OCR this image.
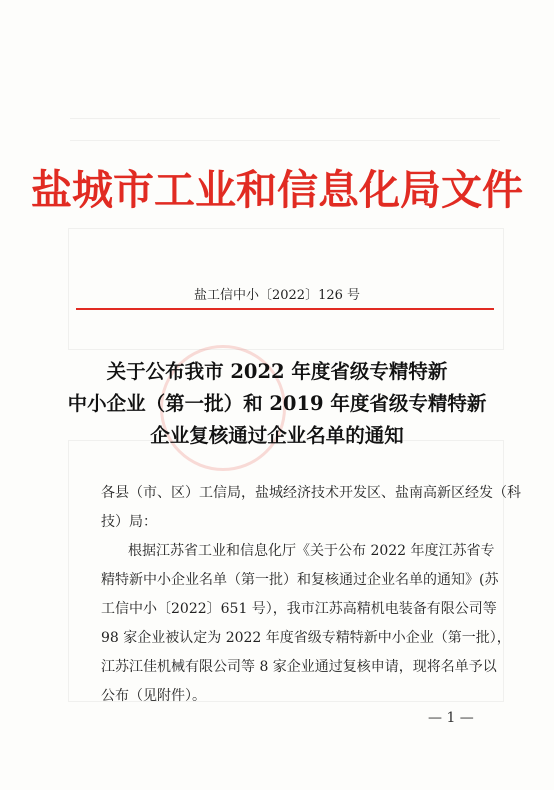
盐城市工业和信息化局文件
盐工信中小〔2022〕126 号
关于公布我市 2022 年度省级专精特新
中小企业（第一批）和 2019 年度省级专精特新
企业复核通过企业名单的通知
各县（市、区）工信局，盐城经济技术开发区、盐南高新区经发（科
技）局：
根据江苏省工业和信息化厅《关于公布 2022 年度江苏省专
精特新中小企业名单（第一批）和复核通过企业名单的通知》(苏
工信中小〔2022〕651 号），我市江苏高精机电装备有限公司等
98 家企业被认定为 2022 年度省级专精特新中小企业（第一批），
江苏江佳机械有限公司等 8 家企业通过复核申请，现将名单予以
公布（见附件）。
— 1 —
